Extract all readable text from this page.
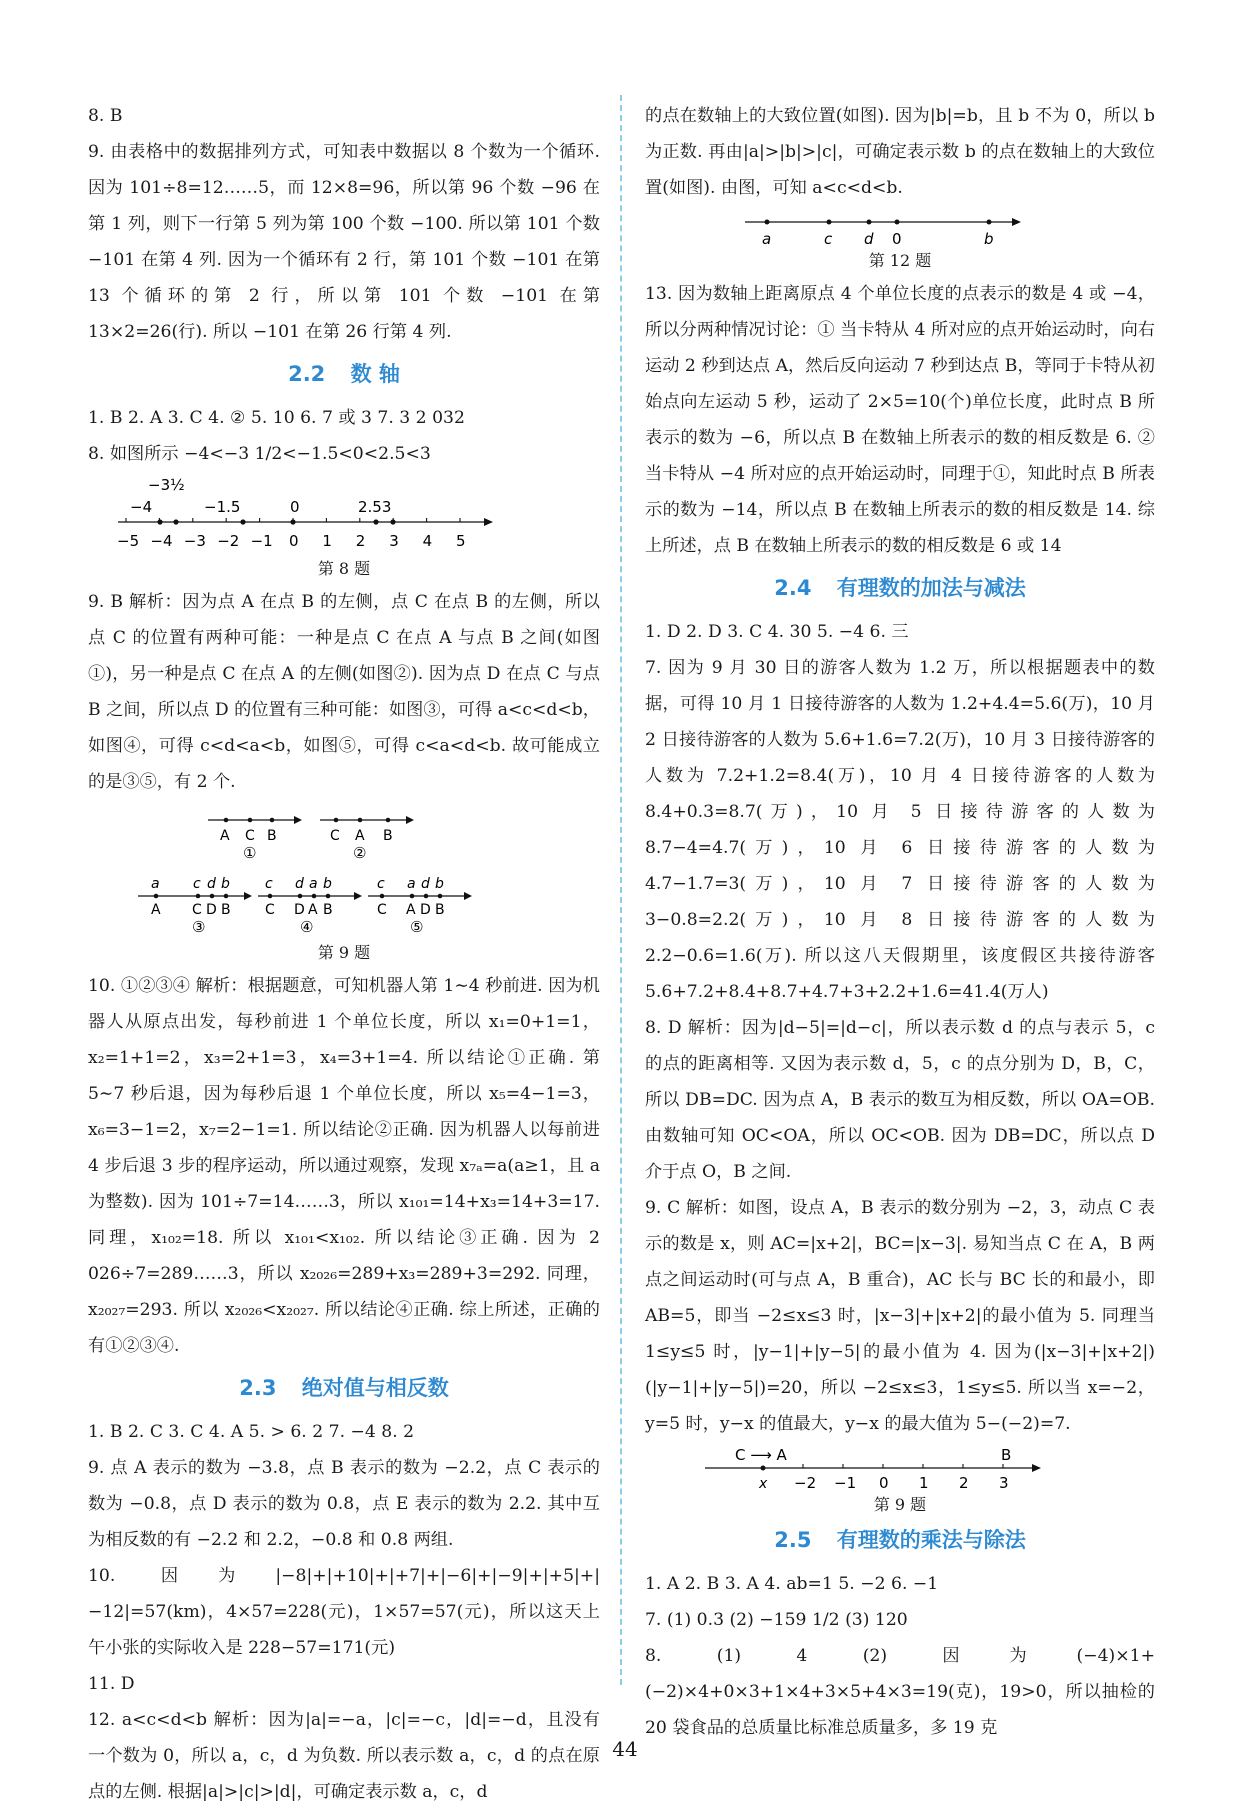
8. B

9. 由表格中的数据排列方式，可知表中数据以 8 个数为一个循环. 因为 101÷8=12……5，而 12×8=96，所以第 96 个数 −96 在第 1 列，则下一行第 5 列为第 100 个数 −100. 所以第 101 个数 −101 在第 4 列. 因为一个循环有 2 行，第 101 个数 −101 在第 13 个循环的第 2 行，所以第 101 个数 −101 在第 13×2=26(行). 所以 −101 在第 26 行第 4 列.

2.2 数 轴

1. B 2. A 3. C 4. ② 5. 10 6. 7 或 3 7. 3 2 032

8. 如图所示 −4<−3 1/2<−1.5<0<2.5<3

−3½
−4	−1.5	0	2.53
−5 −4 −3 −2 −1 0 1 2 3 4 5

第 8 题

9. B 解析：因为点 A 在点 B 的左侧，点 C 在点 B 的左侧，所以点 C 的位置有两种可能：一种是点 C 在点 A 与点 B 之间(如图①)，另一种是点 C 在点 A 的左侧(如图②). 因为点 D 在点 C 与点 B 之间，所以点 D 的位置有三种可能：如图③，可得 a<c<d<b，如图④，可得 c<d<a<b，如图⑤，可得 c<a<d<b. 故可能成立的是③⑤，有 2 个.

A C B
①
C A B
②
a c d b
A C D B
③
c d a b
C D A B
④
c a d b
C A D B
⑤

第 9 题

10. ①②③④ 解析：根据题意，可知机器人第 1∼4 秒前进. 因为机器人从原点出发，每秒前进 1 个单位长度，所以 x₁=0+1=1，x₂=1+1=2，x₃=2+1=3，x₄=3+1=4. 所以结论①正确. 第 5∼7 秒后退，因为每秒后退 1 个单位长度，所以 x₅=4−1=3，x₆=3−1=2，x₇=2−1=1. 所以结论②正确. 因为机器人以每前进 4 步后退 3 步的程序运动，所以通过观察，发现 x₇ₐ=a(a≥1，且 a 为整数). 因为 101÷7=14……3，所以 x₁₀₁=14+x₃=14+3=17. 同理，x₁₀₂=18. 所以 x₁₀₁<x₁₀₂. 所以结论③正确. 因为 2 026÷7=289……3，所以 x₂₀₂₆=289+x₃=289+3=292. 同理，x₂₀₂₇=293. 所以 x₂₀₂₆<x₂₀₂₇. 所以结论④正确. 综上所述，正确的有①②③④.

2.3 绝对值与相反数

1. B 2. C 3. C 4. A 5. > 6. 2 7. −4 8. 2

9. 点 A 表示的数为 −3.8，点 B 表示的数为 −2.2，点 C 表示的数为 −0.8，点 D 表示的数为 0.8，点 E 表示的数为 2.2. 其中互为相反数的有 −2.2 和 2.2，−0.8 和 0.8 两组.

10. 因为|−8|+|+10|+|+7|+|−6|+|−9|+|+5|+|−12|=57(km)，4×57=228(元)，1×57=57(元)，所以这天上午小张的实际收入是 228−57=171(元)

11. D

12. a<c<d<b 解析：因为|a|=−a，|c|=−c，|d|=−d，且没有一个数为 0，所以 a，c，d 为负数. 所以表示数 a，c，d 的点在原点的左侧. 根据|a|>|c|>|d|，可确定表示数 a，c，d

的点在数轴上的大致位置(如图). 因为|b|=b，且 b 不为 0，所以 b 为正数. 再由|a|>|b|>|c|，可确定表示数 b 的点在数轴上的大致位置(如图). 由图，可知 a<c<d<b.

a	c d 0	b

第 12 题

13. 因为数轴上距离原点 4 个单位长度的点表示的数是 4 或 −4，所以分两种情况讨论：① 当卡特从 4 所对应的点开始运动时，向右运动 2 秒到达点 A，然后反向运动 7 秒到达点 B，等同于卡特从初始点向左运动 5 秒，运动了 2×5=10(个)单位长度，此时点 B 所表示的数为 −6，所以点 B 在数轴上所表示的数的相反数是 6. ② 当卡特从 −4 所对应的点开始运动时，同理于①，知此时点 B 所表示的数为 −14，所以点 B 在数轴上所表示的数的相反数是 14. 综上所述，点 B 在数轴上所表示的数的相反数是 6 或 14

2.4 有理数的加法与减法

1. D 2. D 3. C 4. 30 5. −4 6. 三

7. 因为 9 月 30 日的游客人数为 1.2 万，所以根据题表中的数据，可得 10 月 1 日接待游客的人数为 1.2+4.4=5.6(万)，10 月 2 日接待游客的人数为 5.6+1.6=7.2(万)，10 月 3 日接待游客的人数为 7.2+1.2=8.4(万)，10 月 4 日接待游客的人数为 8.4+0.3=8.7(万)，10 月 5 日接待游客的人数为 8.7−4=4.7(万)，10 月 6 日接待游客的人数为 4.7−1.7=3(万)，10 月 7 日接待游客的人数为 3−0.8=2.2(万)，10 月 8 日接待游客的人数为 2.2−0.6=1.6(万). 所以这八天假期里，该度假区共接待游客 5.6+7.2+8.4+8.7+4.7+3+2.2+1.6=41.4(万人)

8. D 解析：因为|d−5|=|d−c|，所以表示数 d 的点与表示 5，c 的点的距离相等. 又因为表示数 d，5，c 的点分别为 D，B，C，所以 DB=DC. 因为点 A，B 表示的数互为相反数，所以 OA=OB. 由数轴可知 OC<OA，所以 OC<OB. 因为 DB=DC，所以点 D 介于点 O，B 之间.

9. C 解析：如图，设点 A，B 表示的数分别为 −2，3，动点 C 表示的数是 x，则 AC=|x+2|，BC=|x−3|. 易知当点 C 在 A，B 两点之间运动时(可与点 A，B 重合)，AC 长与 BC 长的和最小，即 AB=5，即当 −2≤x≤3 时，|x−3|+|x+2|的最小值为 5. 同理当 1≤y≤5 时，|y−1|+|y−5|的最小值为 4. 因为(|x−3|+|x+2|)(|y−1|+|y−5|)=20，所以 −2≤x≤3，1≤y≤5. 所以当 x=−2，y=5 时，y−x 的值最大，y−x 的最大值为 5−(−2)=7.

C ⟶ A	B
−2 −1 0 1 2 3
x

第 9 题

2.5 有理数的乘法与除法

1. A 2. B 3. A 4. ab=1 5. −2 6. −1

7. (1) 0.3 (2) −159 1/2 (3) 120

8. (1) 4 (2) 因为(−4)×1+(−2)×4+0×3+1×4+3×5+4×3=19(克)，19>0，所以抽检的 20 袋食品的总质量比标准总质量多，多 19 克

44
